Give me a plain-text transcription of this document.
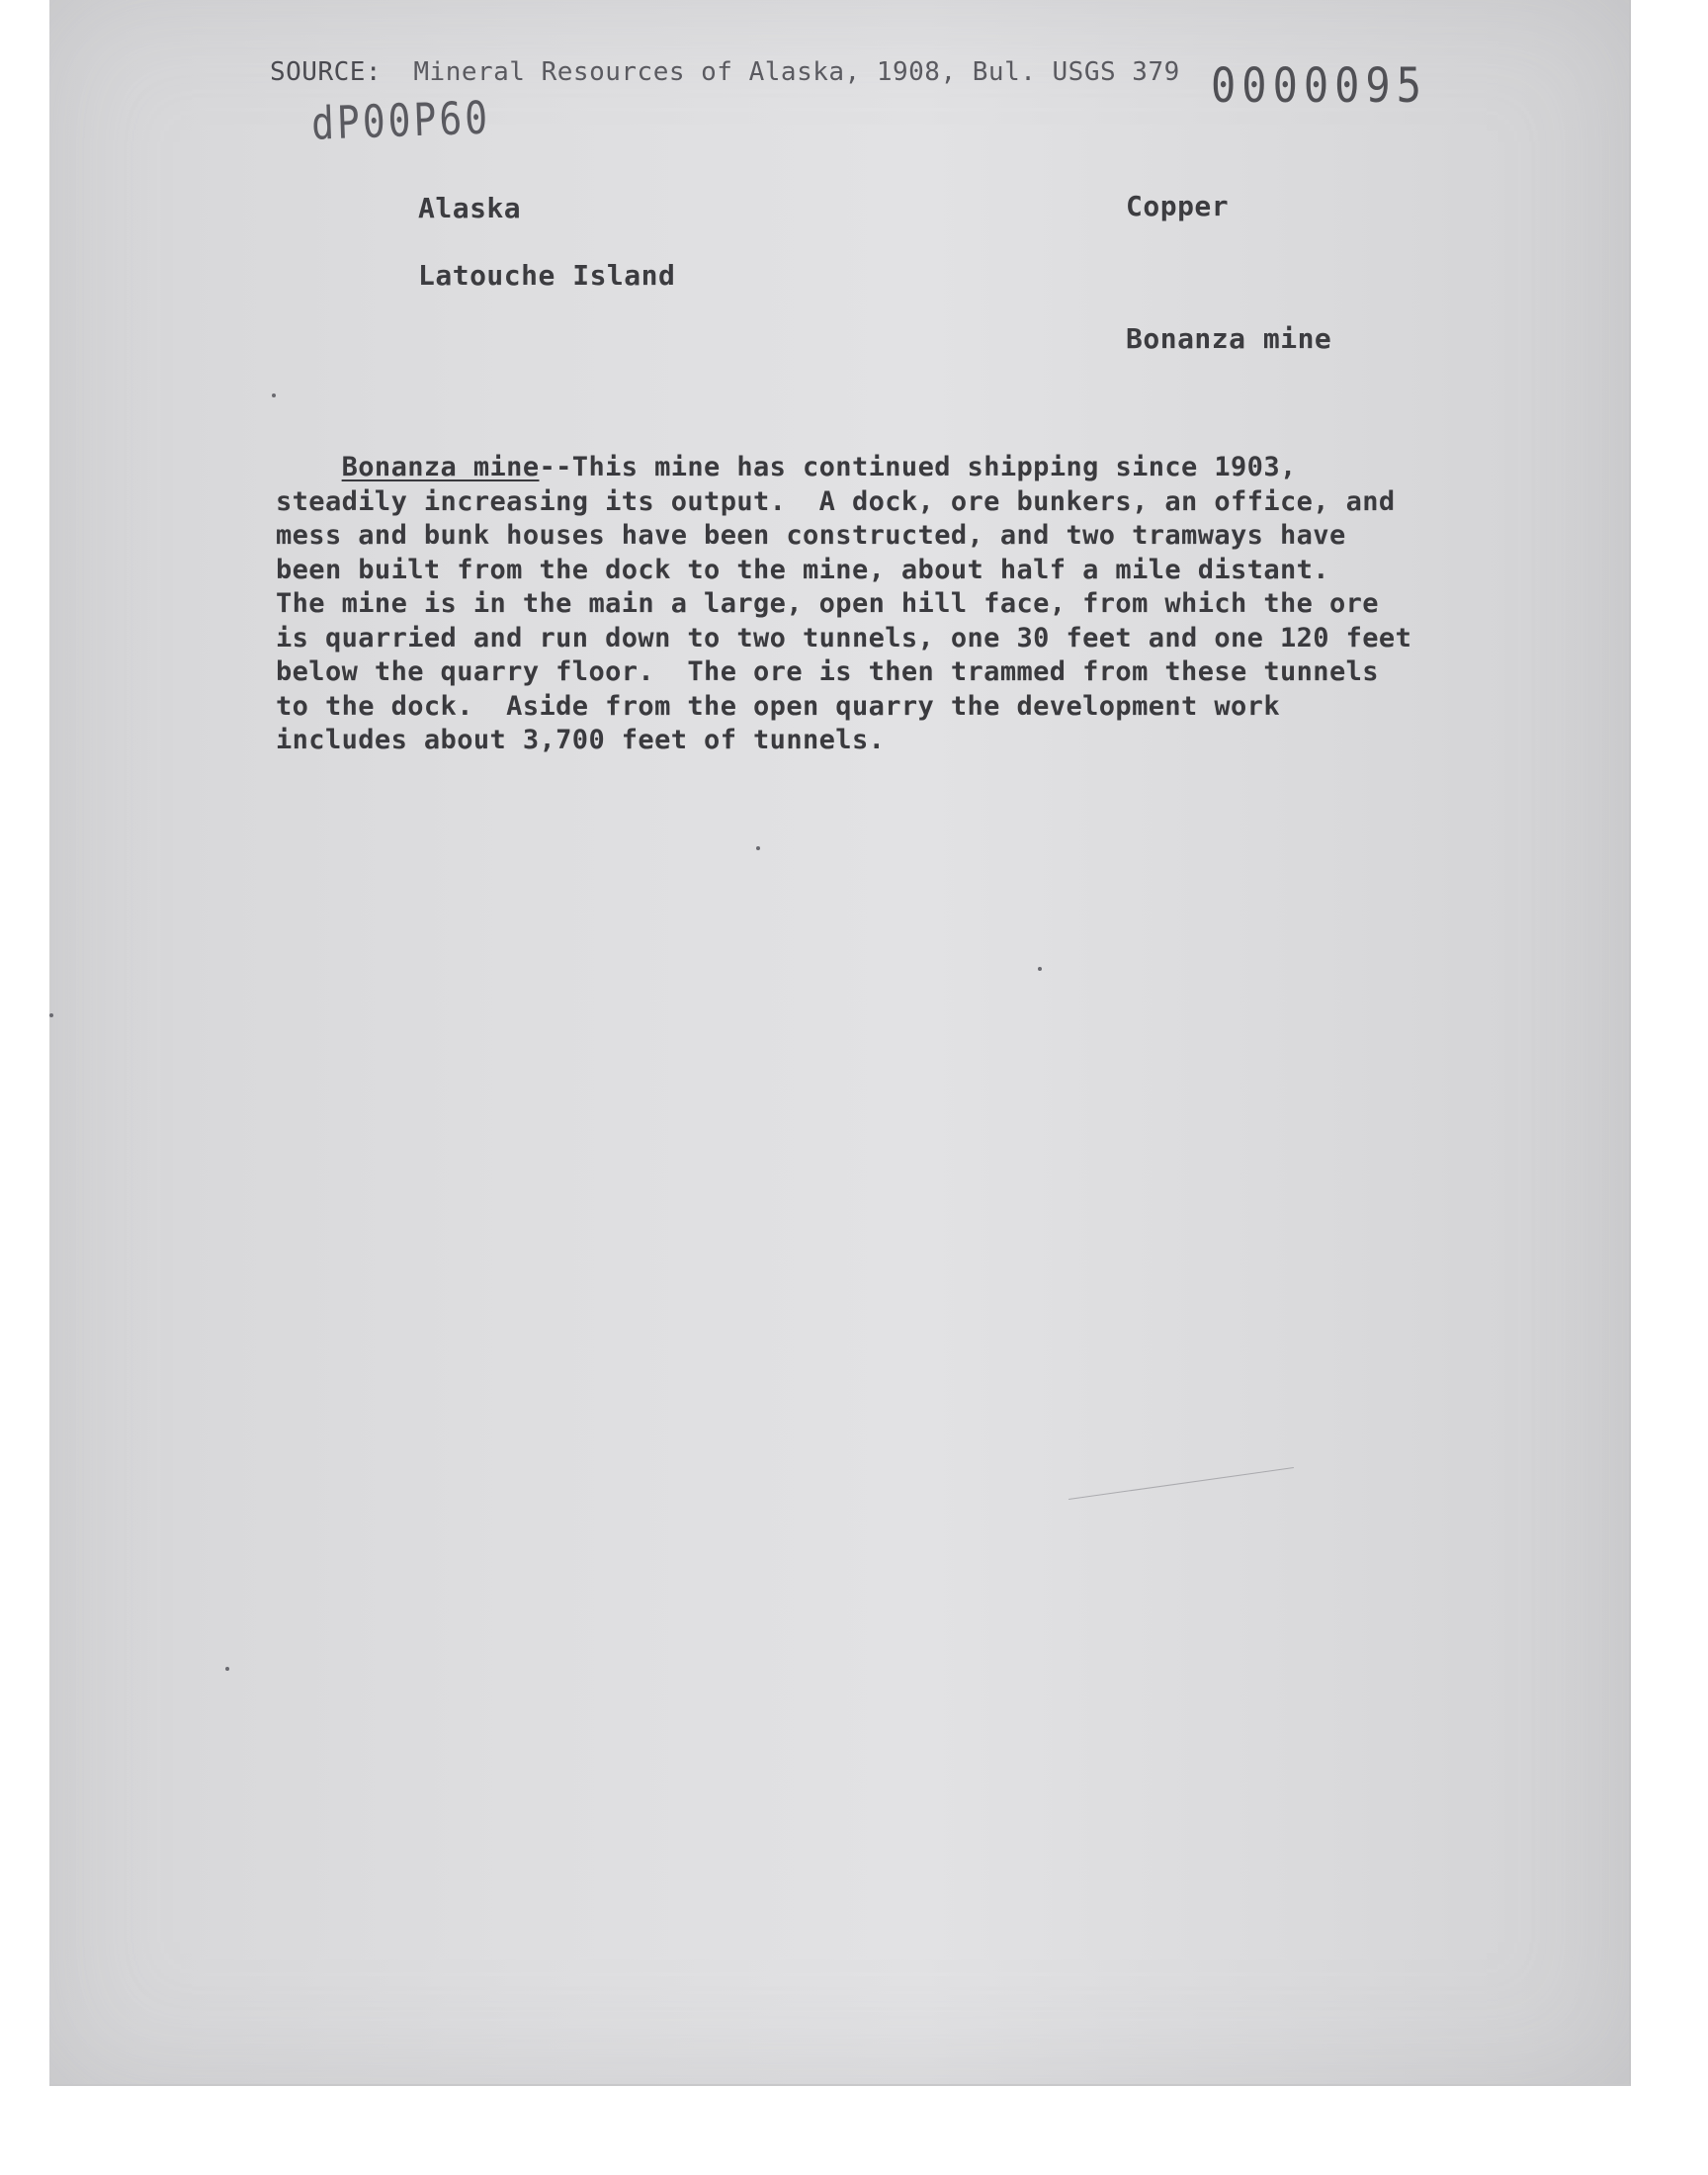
SOURCE: Mineral Resources of Alaska, 1908, Bul. USGS 379 0000095
dP00P60
Alaska
Latouche Island
Copper
Bonanza mine
Bonanza mine--This mine has continued shipping since 1903,
steadily increasing its output.  A dock, ore bunkers, an office, and
mess and bunk houses have been constructed, and two tramways have
been built from the dock to the mine, about half a mile distant.
The mine is in the main a large, open hill face, from which the ore
is quarried and run down to two tunnels, one 30 feet and one 120 feet
below the quarry floor.  The ore is then trammed from these tunnels
to the dock.  Aside from the open quarry the development work
includes about 3,700 feet of tunnels.
